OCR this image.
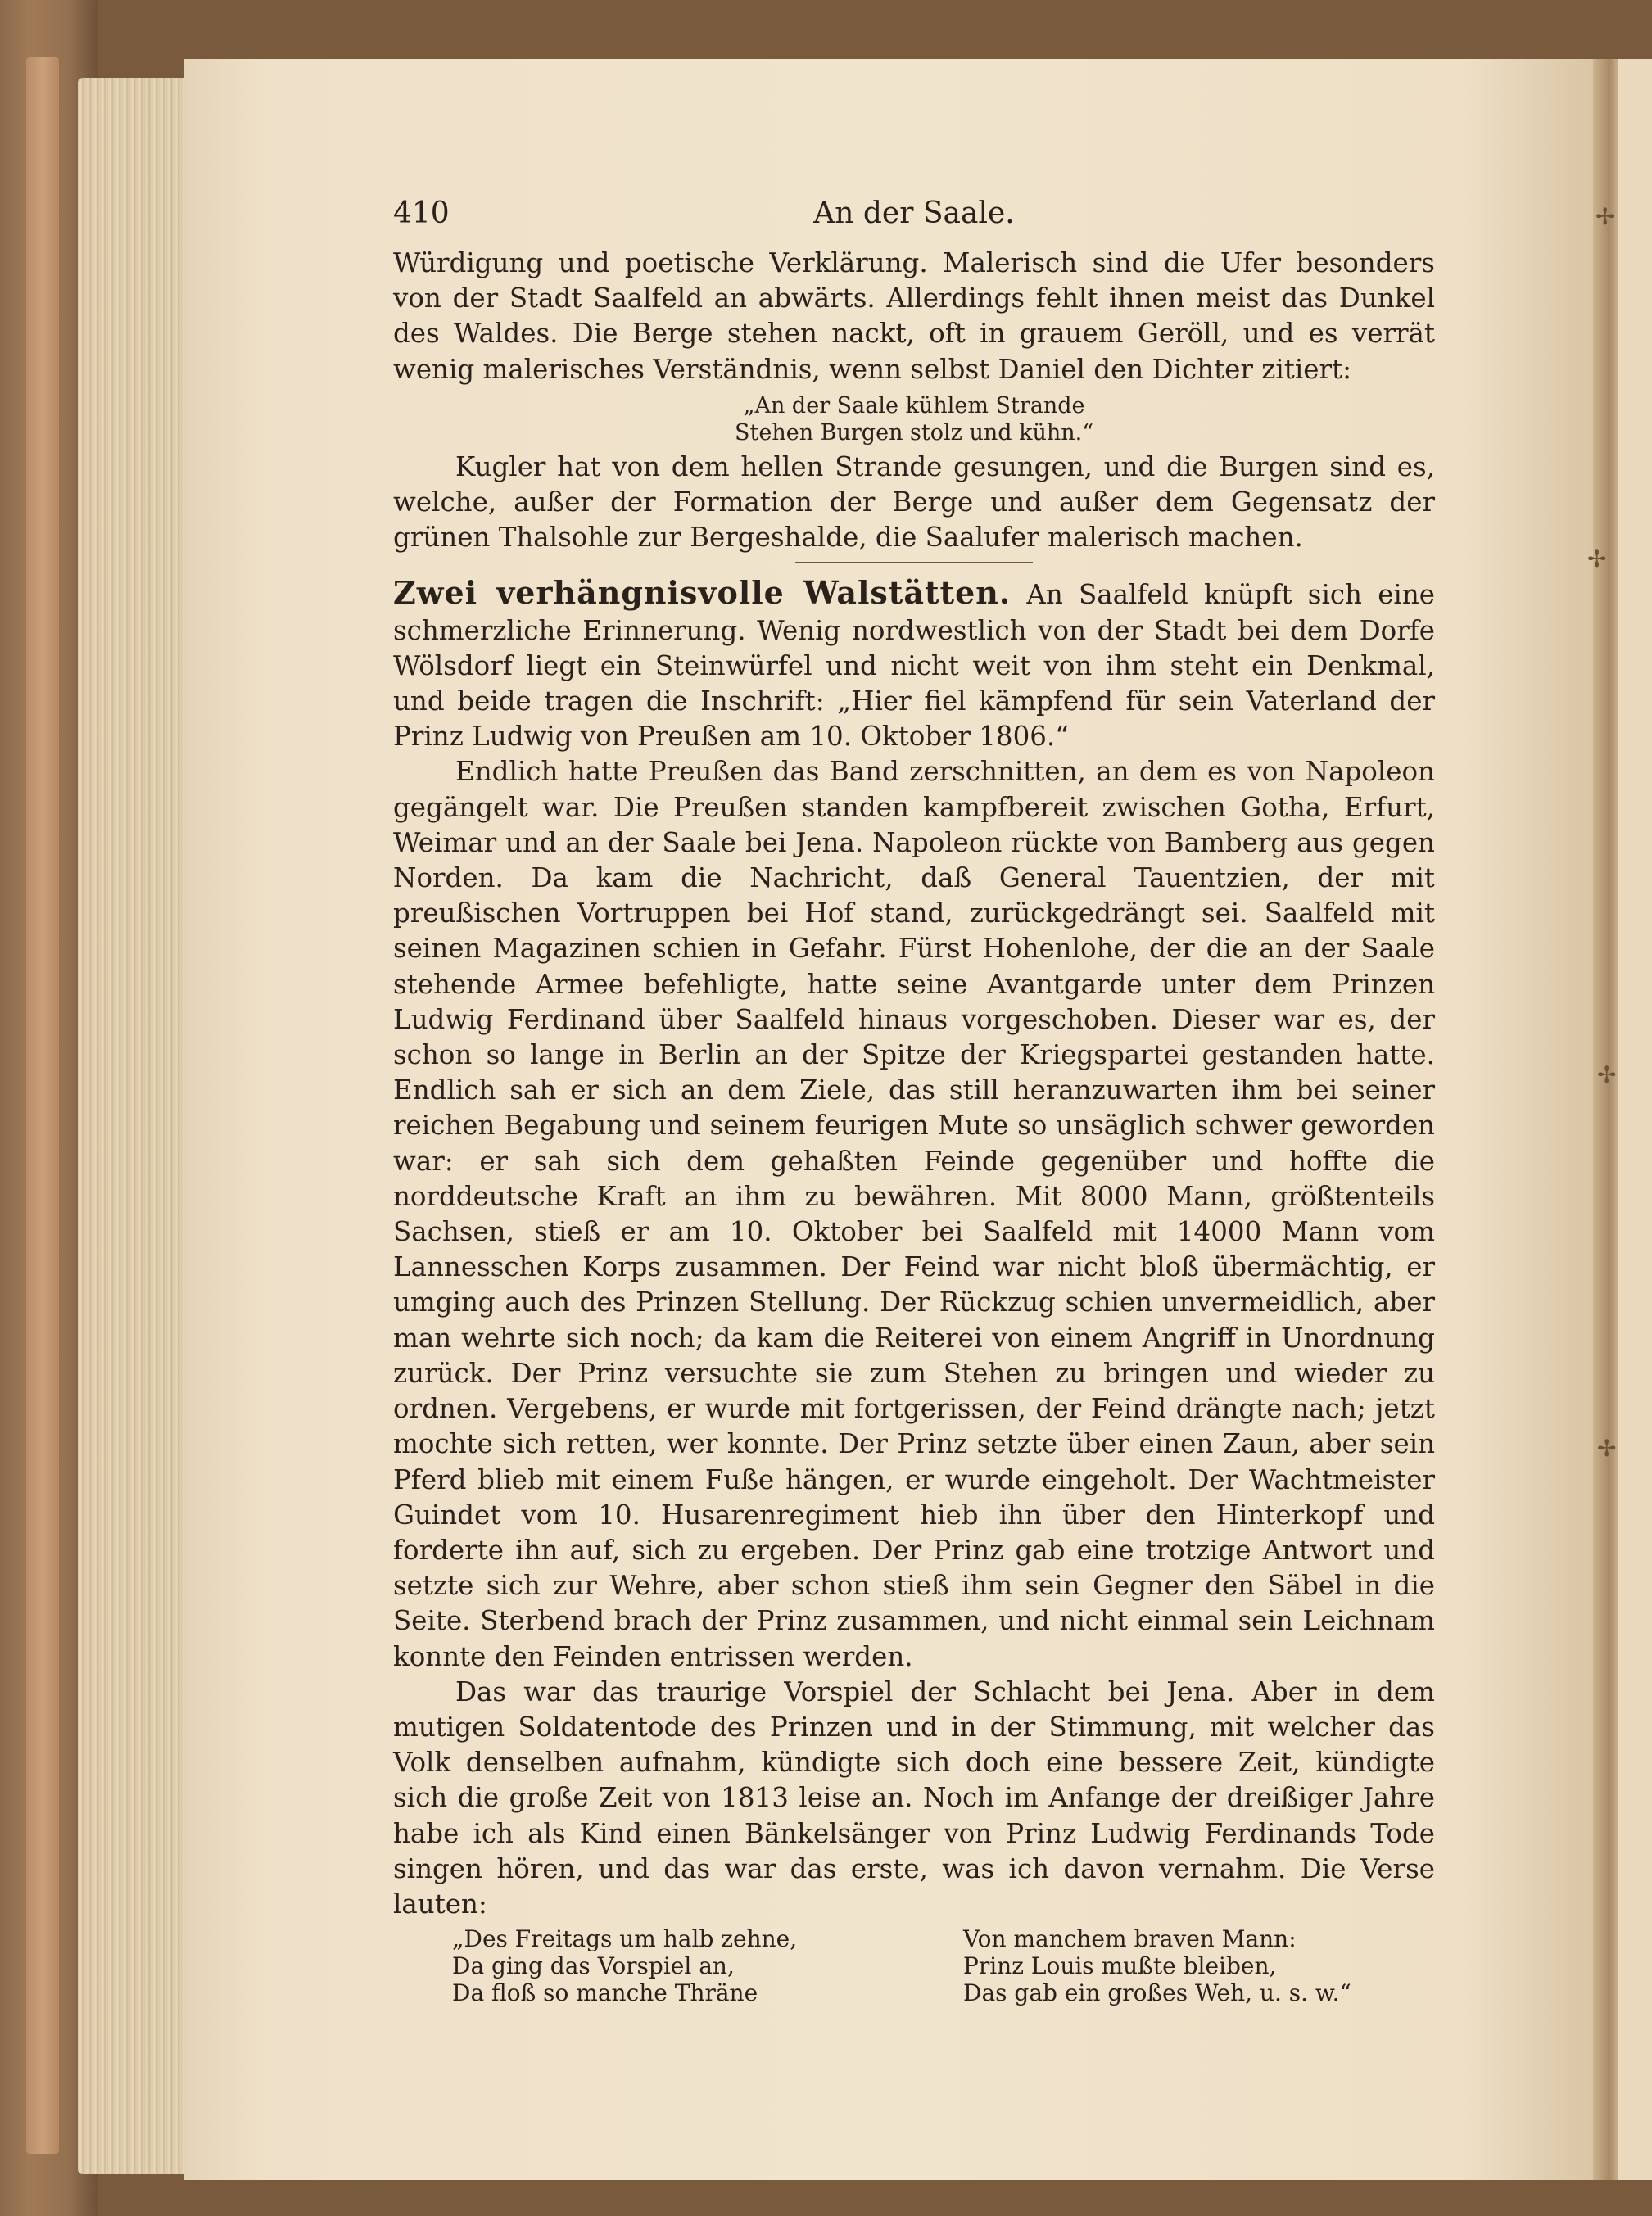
✢
✢
✢
✢
410	An der Saale.

Würdigung und poetische Verklärung. Malerisch sind die Ufer besonders von der Stadt Saalfeld an abwärts. Allerdings fehlt ihnen meist das Dunkel des Waldes. Die Berge stehen nackt, oft in grauem Geröll, und es verrät wenig malerisches Verständnis, wenn selbst Daniel den Dichter zitiert:

„An der Saale kühlem Strande
Stehen Burgen stolz und kühn.“

Kugler hat von dem hellen Strande gesungen, und die Burgen sind es, welche, außer der Formation der Berge und außer dem Gegensatz der grünen Thalsohle zur Bergeshalde, die Saalufer malerisch machen.

Zwei verhängnisvolle Walstätten. An Saalfeld knüpft sich eine schmerzliche Erinnerung. Wenig nordwestlich von der Stadt bei dem Dorfe Wölsdorf liegt ein Steinwürfel und nicht weit von ihm steht ein Denkmal, und beide tragen die Inschrift: „Hier fiel kämpfend für sein Vaterland der Prinz Ludwig von Preußen am 10. Oktober 1806.“

Endlich hatte Preußen das Band zerschnitten, an dem es von Napoleon gegängelt war. Die Preußen standen kampfbereit zwischen Gotha, Erfurt, Weimar und an der Saale bei Jena. Napoleon rückte von Bamberg aus gegen Norden. Da kam die Nachricht, daß General Tauentzien, der mit preußischen Vortruppen bei Hof stand, zurückgedrängt sei. Saalfeld mit seinen Magazinen schien in Gefahr. Fürst Hohenlohe, der die an der Saale stehende Armee befehligte, hatte seine Avantgarde unter dem Prinzen Ludwig Ferdinand über Saalfeld hinaus vorgeschoben. Dieser war es, der schon so lange in Berlin an der Spitze der Kriegspartei gestanden hatte. Endlich sah er sich an dem Ziele, das still heranzuwarten ihm bei seiner reichen Begabung und seinem feurigen Mute so unsäglich schwer geworden war: er sah sich dem gehaßten Feinde gegenüber und hoffte die norddeutsche Kraft an ihm zu bewähren. Mit 8000 Mann, größtenteils Sachsen, stieß er am 10. Oktober bei Saalfeld mit 14000 Mann vom Lannesschen Korps zusammen. Der Feind war nicht bloß übermächtig, er umging auch des Prinzen Stellung. Der Rückzug schien unvermeidlich, aber man wehrte sich noch; da kam die Reiterei von einem Angriff in Unordnung zurück. Der Prinz versuchte sie zum Stehen zu bringen und wieder zu ordnen. Vergebens, er wurde mit fortgerissen, der Feind drängte nach; jetzt mochte sich retten, wer konnte. Der Prinz setzte über einen Zaun, aber sein Pferd blieb mit einem Fuße hängen, er wurde eingeholt. Der Wachtmeister Guindet vom 10. Husarenregiment hieb ihn über den Hinterkopf und forderte ihn auf, sich zu ergeben. Der Prinz gab eine trotzige Antwort und setzte sich zur Wehre, aber schon stieß ihm sein Gegner den Säbel in die Seite. Sterbend brach der Prinz zusammen, und nicht einmal sein Leichnam konnte den Feinden entrissen werden.

Das war das traurige Vorspiel der Schlacht bei Jena. Aber in dem mutigen Soldatentode des Prinzen und in der Stimmung, mit welcher das Volk denselben aufnahm, kündigte sich doch eine bessere Zeit, kündigte sich die große Zeit von 1813 leise an. Noch im Anfange der dreißiger Jahre habe ich als Kind einen Bänkelsänger von Prinz Ludwig Ferdinands Tode singen hören, und das war das erste, was ich davon vernahm. Die Verse lauten:

„Des Freitags um halb zehne,
Da ging das Vorspiel an,
Da floß so manche Thräne
Von manchem braven Mann:
Prinz Louis mußte bleiben,
Das gab ein großes Weh, u. s. w.“
